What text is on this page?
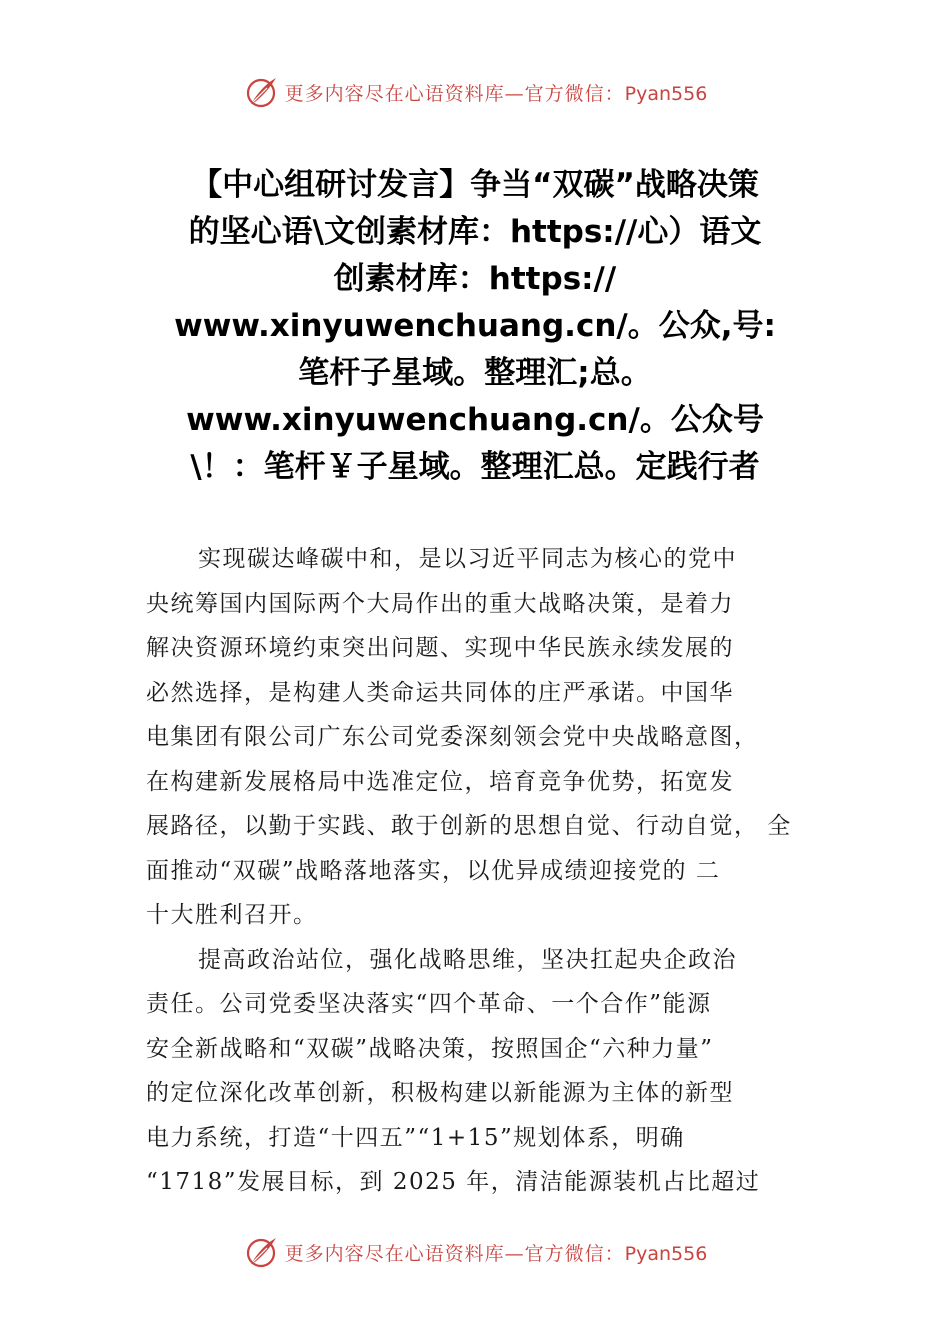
更多内容尽在心语资料库—官方微信：Pyan556
【中心组研讨发言】争当“双碳”战略决策
的坚心语\文创素材库：https://心）语文
创素材库：https://
www.xinyuwenchuang.cn/。公众,号:
笔杆子星域。整理汇;总。
www.xinyuwenchuang.cn/。公众号
\！：笔杆￥子星域。整理汇总。定践行者

实现碳达峰碳中和，是以习近平同志为核心的党中
央统筹国内国际两个大局作出的重大战略决策，是着力
解决资源环境约束突出问题、实现中华民族永续发展的
必然选择，是构建人类命运共同体的庄严承诺。中国华
电集团有限公司广东公司党委深刻领会党中央战略意图，
在构建新发展格局中选准定位，培育竞争优势，拓宽发
展路径，以勤于实践、敢于创新的思想自觉、行动自觉， 全
面推动“双碳”战略落地落实，以优异成绩迎接党的 二
十大胜利召开。

提高政治站位，强化战略思维，坚决扛起央企政治
责任。公司党委坚决落实“四个革命、一个合作”能源
安全新战略和“双碳”战略决策，按照国企“六种力量”
的定位深化改革创新，积极构建以新能源为主体的新型
电力系统，打造“十四五”“1+15”规划体系，明确
“1718”发展目标，到 2025 年，清洁能源装机占比超过

更多内容尽在心语资料库—官方微信：Pyan556
